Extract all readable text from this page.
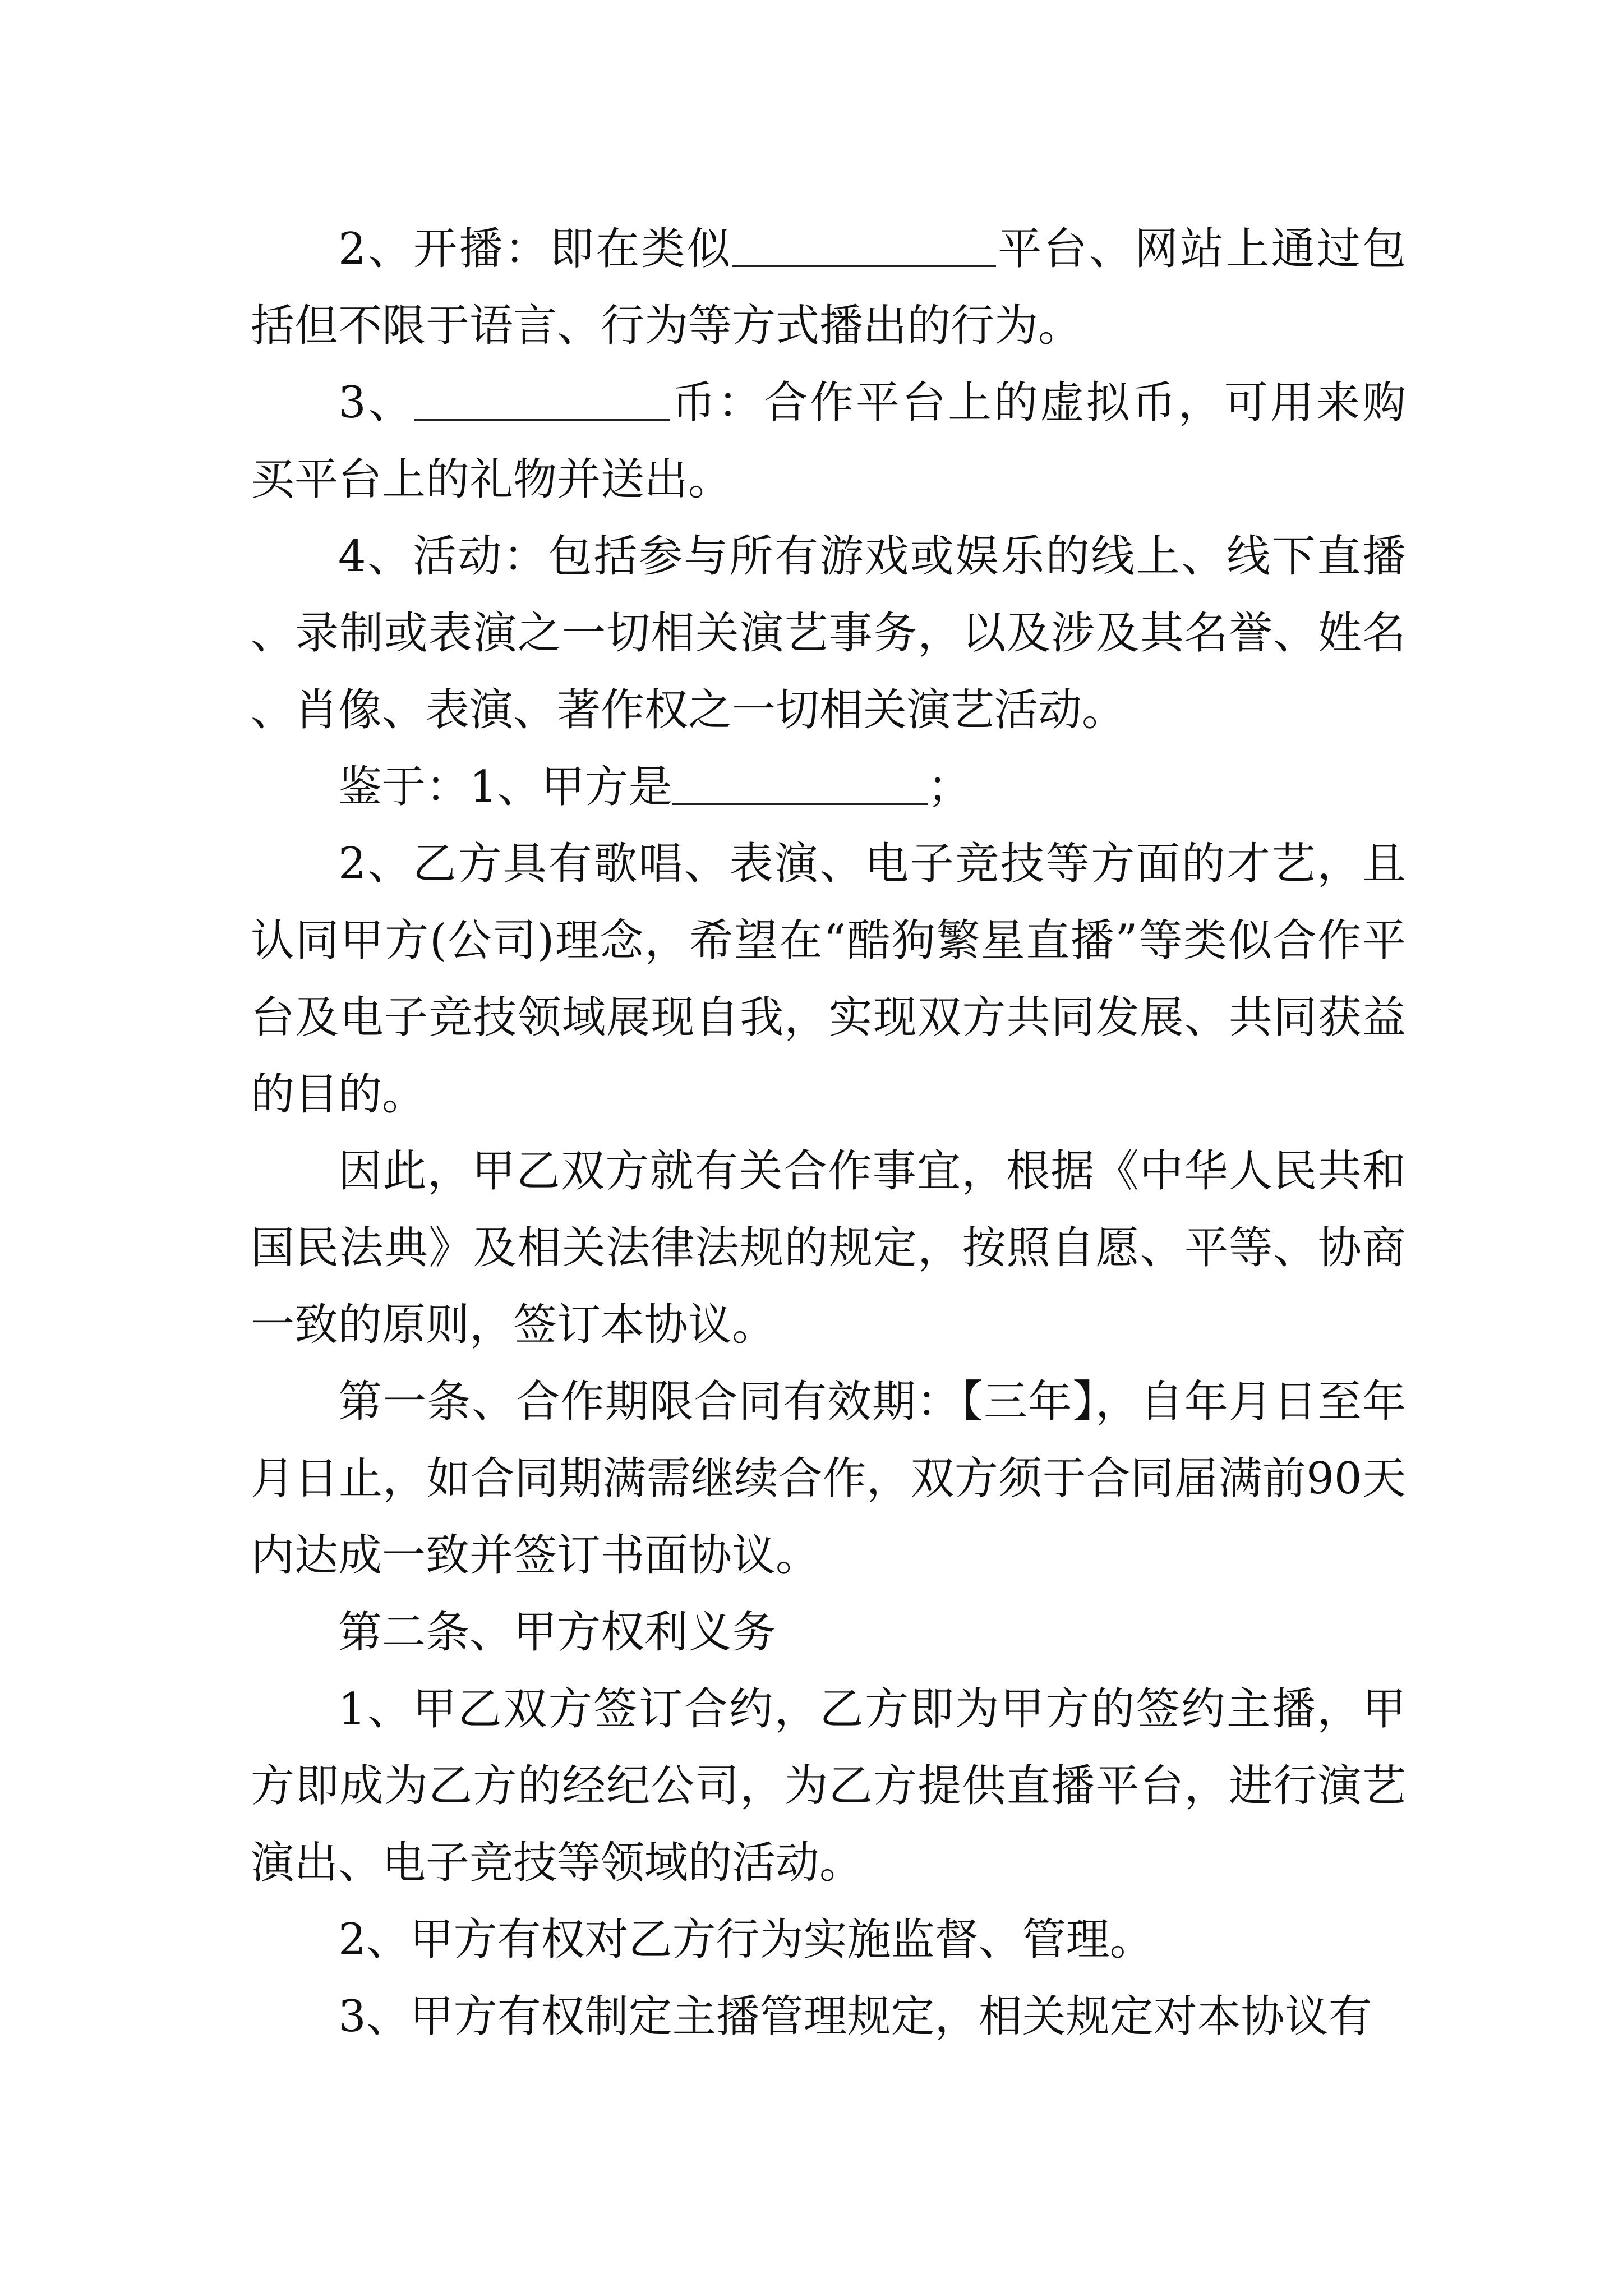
2、开播：即在类似	平台、网站上通过包括但不限于语言、行为等方式播出的行为。

3、	币：合作平台上的虚拟币，可用来购买平台上的礼物并送出。

4、活动：包括参与所有游戏或娱乐的线上、线下直播、录制或表演之一切相关演艺事务，以及涉及其名誉、姓名、肖像、表演、著作权之一切相关演艺活动。

鉴于：1、甲方是	；

2、乙方具有歌唱、表演、电子竞技等方面的才艺，且认同甲方(公司)理念，希望在“酷狗繁星直播”等类似合作平台及电子竞技领域展现自我，实现双方共同发展、共同获益的目的。

因此，甲乙双方就有关合作事宜，根据《中华人民共和国民法典》及相关法律法规的规定，按照自愿、平等、协商一致的原则，签订本协议。

第一条、合作期限合同有效期：【三年】，自年月日至年月日止，如合同期满需继续合作，双方须于合同届满前90天内达成一致并签订书面协议。

第二条、甲方权利义务

1、甲乙双方签订合约，乙方即为甲方的签约主播，甲方即成为乙方的经纪公司，为乙方提供直播平台，进行演艺演出、电子竞技等领域的活动。

2、甲方有权对乙方行为实施监督、管理。

3、甲方有权制定主播管理规定，相关规定对本协议有
